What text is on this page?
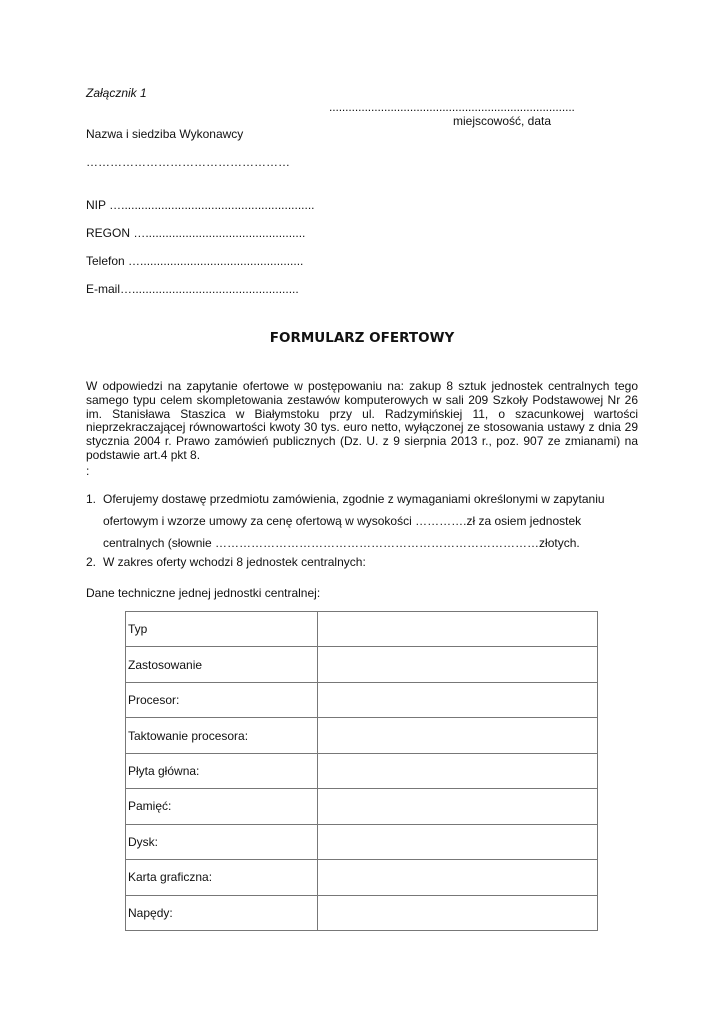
Załącznik 1
............................................................................
miejscowość, data
Nazwa i siedziba Wykonawcy
……………………………………………
NIP …..........................................................
REGON …................................................
Telefon ….................................................
E-mail…..................................................
FORMULARZ OFERTOWY
W odpowiedzi na zapytanie ofertowe w postępowaniu na: zakup 8 sztuk jednostek centralnych tego samego typu celem skompletowania zestawów komputerowych w sali 209 Szkoły Podstawowej Nr 26 im. Stanisława Staszica w Białymstoku przy ul. Radzymińskiej 11, o szacunkowej wartości nieprzekraczającej równowartości kwoty 30 tys. euro netto, wyłączonej ze stosowania ustawy z dnia 29 stycznia 2004 r. Prawo zamówień publicznych (Dz. U. z 9 sierpnia 2013 r., poz. 907 ze zmianami) na podstawie art.4 pkt 8.
:
1. Oferujemy dostawę przedmiotu zamówienia, zgodnie z wymaganiami określonymi w zapytaniu
ofertowym i wzorze umowy za cenę ofertową w wysokości ………….zł za osiem jednostek
centralnych (słownie ………………………………………………………………………złotych.
2. W zakres oferty wchodzi 8 jednostek centralnych:
Dane techniczne jednej jednostki centralnej:
Typ	
Zastosowanie	
Procesor:	
Taktowanie procesora:	
Płyta główna:	
Pamięć:	
Dysk:	
Karta graficzna:	
Napędy:	
